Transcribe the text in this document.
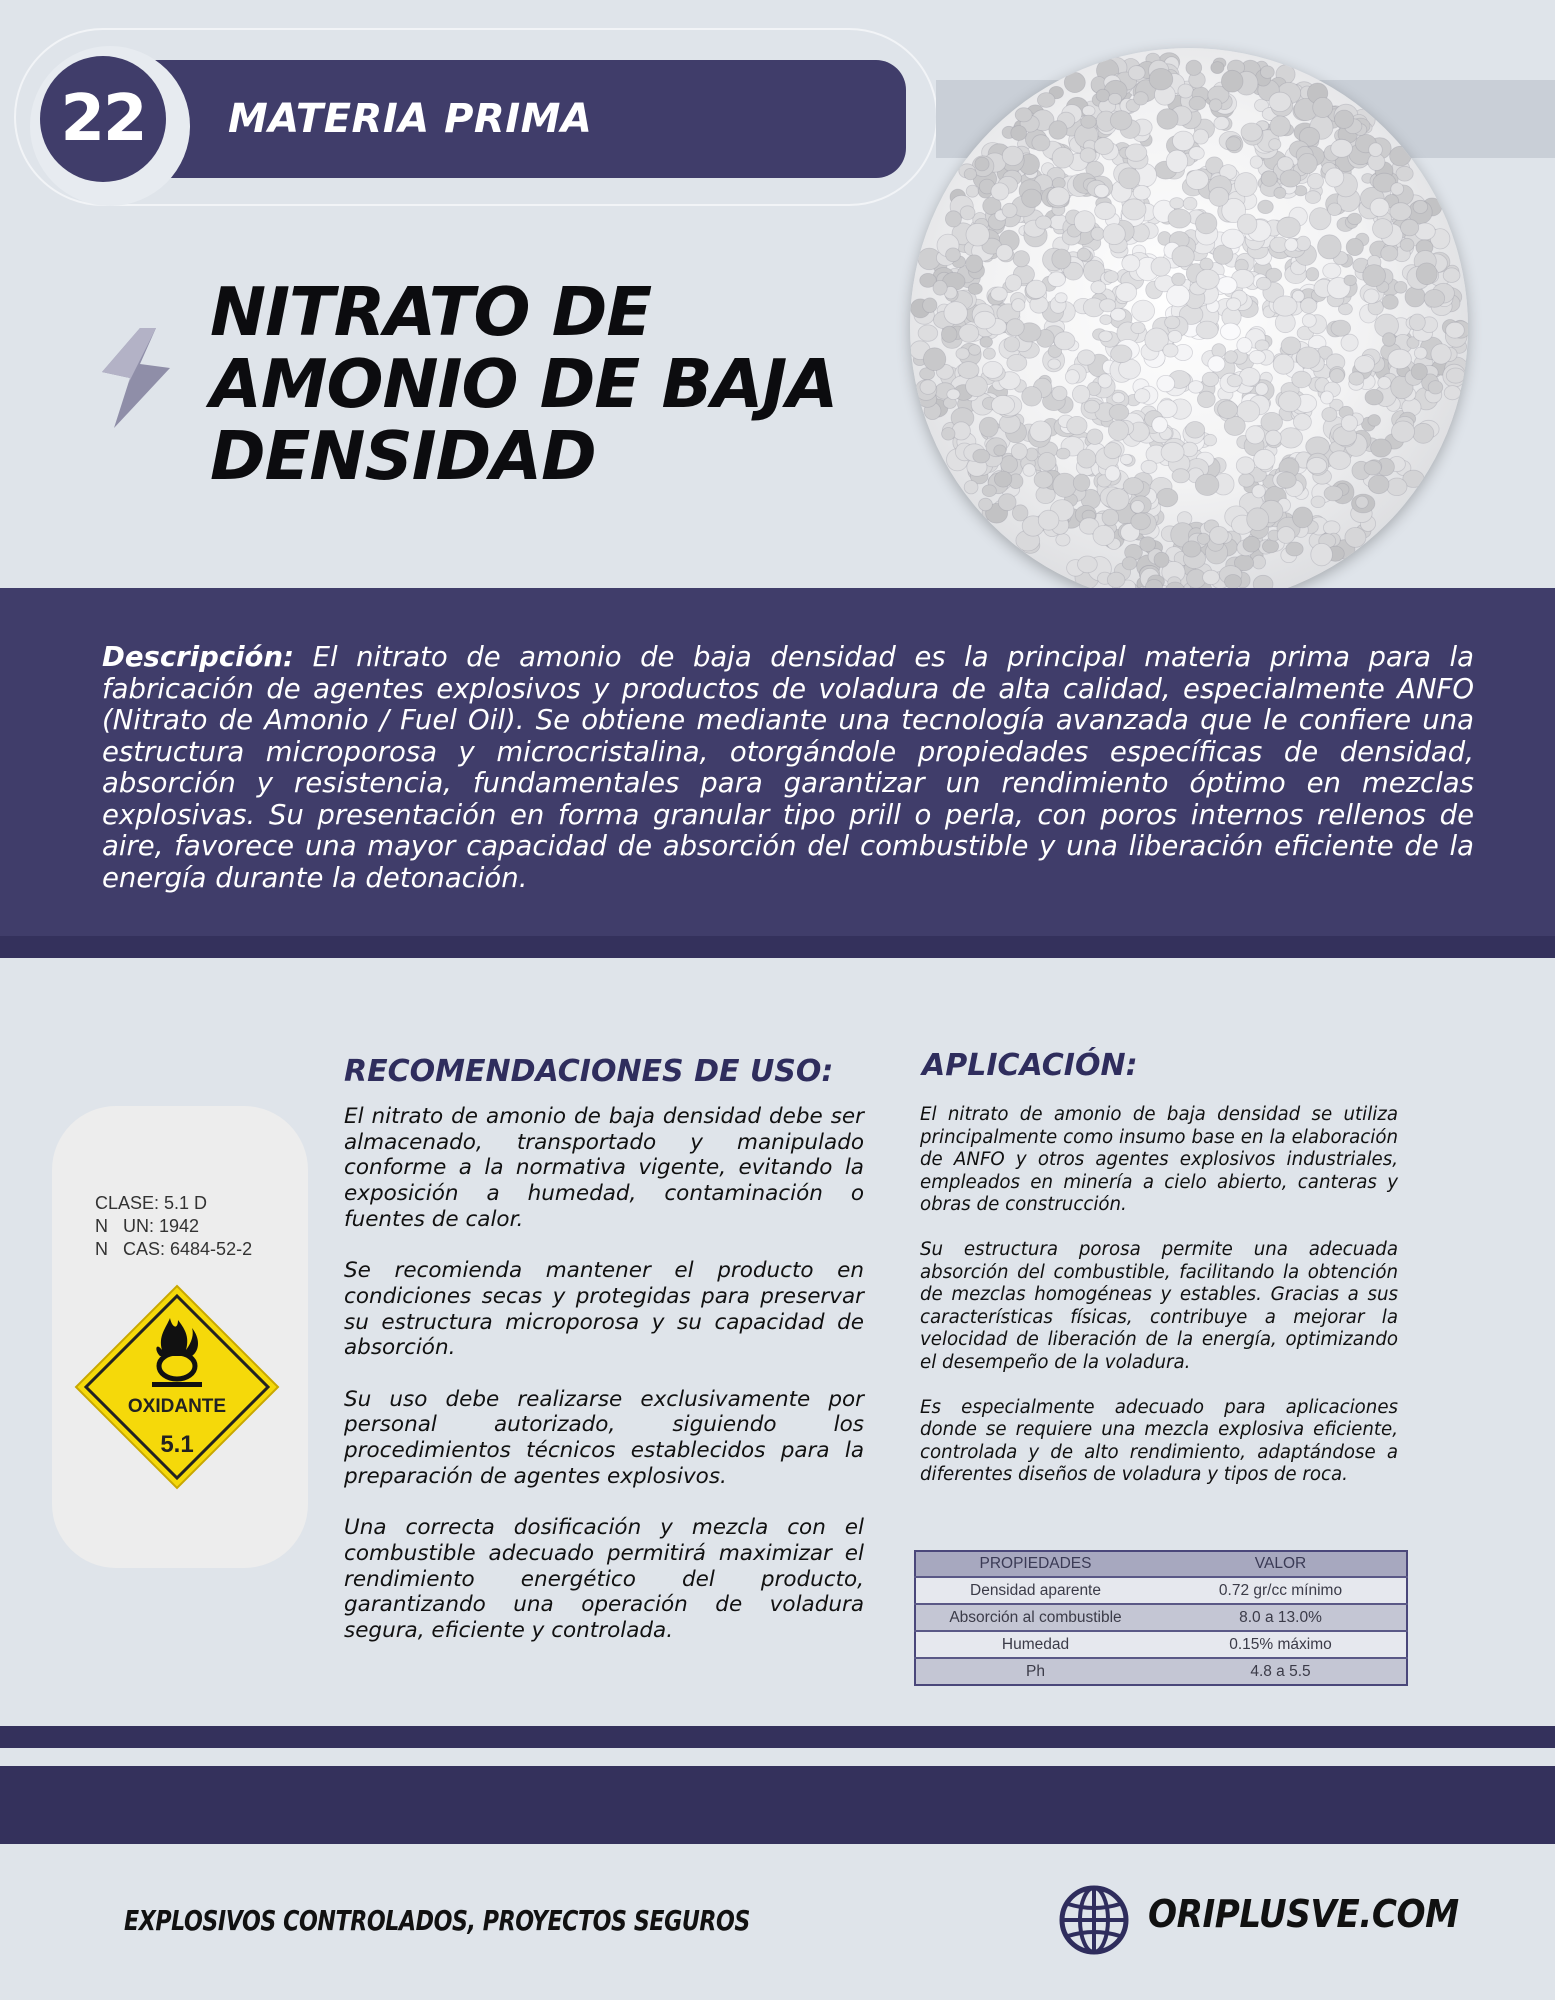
MATERIA PRIMA
22
NITRATO DE
AMONIO DE BAJA
DENSIDAD
Descripción: El nitrato de amonio de baja densidad es la principal materia prima para la fabricación de agentes explosivos y productos de voladura de alta calidad, especialmente ANFO (Nitrato de Amonio / Fuel Oil). Se obtiene mediante una tecnología avanzada que le confiere una estructura microporosa y microcristalina, otorgándole propiedades específicas de densidad, absorción y resistencia, fundamentales para garantizar un rendimiento óptimo en mezclas explosivas. Su presentación en forma granular tipo prill o perla, con poros internos rellenos de aire, favorece una mayor capacidad de absorción del combustible y una liberación eficiente de la energía durante la detonación.
CLASE: 5.1 D
N   UN: 1942
N   CAS: 6484-52-2
OXIDANTE
5.1
RECOMENDACIONES DE USO:

El nitrato de amonio de baja densidad debe ser almacenado, transportado y manipulado conforme a la normativa vigente, evitando la exposición a humedad, contaminación o fuentes de calor.

Se recomienda mantener el producto en condiciones secas y protegidas para preservar su estructura microporosa y su capacidad de absorción.

Su uso debe realizarse exclusivamente por personal autorizado, siguiendo los procedimientos técnicos establecidos para la preparación de agentes explosivos.

Una correcta dosificación y mezcla con el combustible adecuado permitirá maximizar el rendimiento energético del producto, garantizando una operación de voladura segura, eficiente y controlada.

APLICACIÓN:

El nitrato de amonio de baja densidad se utiliza principalmente como insumo base en la elaboración de ANFO y otros agentes explosivos industriales, empleados en minería a cielo abierto, canteras y obras de construcción.

Su estructura porosa permite una adecuada absorción del combustible, facilitando la obtención de mezclas homogéneas y estables. Gracias a sus características físicas, contribuye a mejorar la velocidad de liberación de la energía, optimizando el desempeño de la voladura.

Es especialmente adecuado para aplicaciones donde se requiere una mezcla explosiva eficiente, controlada y de alto rendimiento, adaptándose a diferentes diseños de voladura y tipos de roca.

PROPIEDADES	VALOR
Densidad aparente	0.72 gr/cc mínimo
Absorción al combustible	8.0 a 13.0%
Humedad	0.15% máximo
Ph	4.8 a 5.5
EXPLOSIVOS CONTROLADOS, PROYECTOS SEGUROS	ORIPLUSVE.COM
